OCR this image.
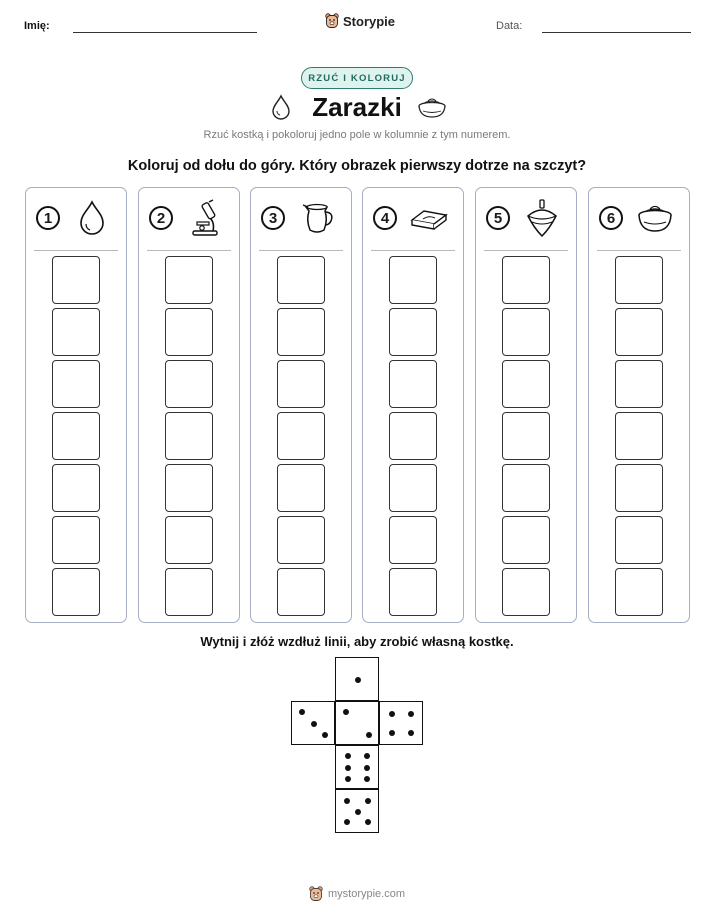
Imię:	Storypie	Data:
RZUĆ I KOLORUJ
Zarazki
Rzuć kostką i pokoloruj jedno pole w kolumnie z tym numerem.
Koloruj od dołu do góry. Który obrazek pierwszy dotrze na szczyt?
1	2	3	4	5	6
Wytnij i złóż wzdłuż linii, aby zrobić własną kostkę.
mystorypie.com
